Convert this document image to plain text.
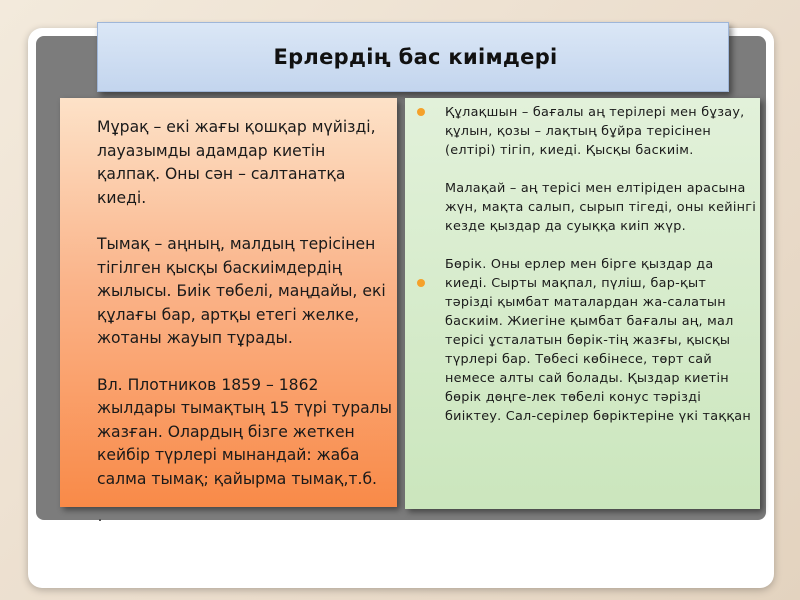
Ерлердің бас киімдері

Мұрақ – екі жағы қошқар мүйізді, лауазымды адамдар киетін қалпақ. Оны сән – салтанатқа киеді.

Тымақ – аңның, малдың терісінен тігілген қысқы баскиімдердің жылысы. Биік төбелі, маңдайы, екі құлағы бар, артқы етегі желке, жотаны жауып тұрады.

Вл. Плотников 1859 – 1862 жылдары тымақтың 15 түрі туралы жазған. Олардың бізге жеткен кейбір түрлері мынандай: жаба салма тымақ; қайырма тымақ,т.б.

Құлақшын – бағалы аң терілері мен бұзау, құлын, қозы – лақтың бұйра терісінен (елтірі) тігіп, киеді. Қысқы баскиім.

Малақай – аң терісі мен елтіріден арасына жүн, мақта салып, сырып тігеді, оны кейінгі кезде қыздар да суыққа киіп жүр.

Бөрік. Оны ерлер мен бірге қыздар да киеді. Сырты мақпал, пүліш, бар-қыт тәрізді қымбат маталардан жа-салатын баскиім. Жиегіне қымбат бағалы аң, мал терісі ұсталатын бөрік-тің жазғы, қысқы түрлері бар. Төбесі көбінесе, төрт сай немесе алты сай болады. Қыздар киетін бөрік дөңге-лек төбелі конус тәрізді биіктеу. Сал-серілер бөріктеріне үкі таққан
